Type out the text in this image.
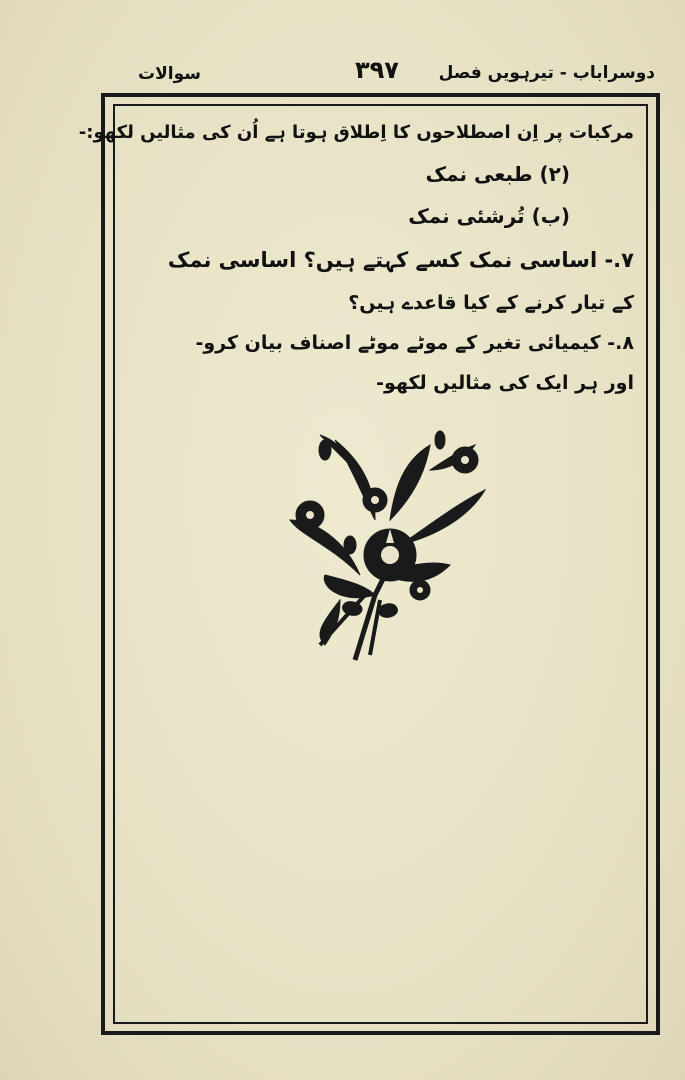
سوالات	۳۹۷ دوسراباب - تیرہویں فصل
مرکبات پر اِن اصطلاحوں کا اِطلاق ہوتا ہے اُن کی مثالیں لکھو:-
(۲) طبعی نمک
(ب) تُرشئی نمک
۷.- اساسی نمک کسے کہتے ہیں؟ اساسی نمک
کے تیار کرنے کے کیا قاعدے ہیں؟
۸.- کیمیائی تغیر کے موٹے موٹے اصناف بیان کرو-
اور ہر ایک کی مثالیں لکھو-
